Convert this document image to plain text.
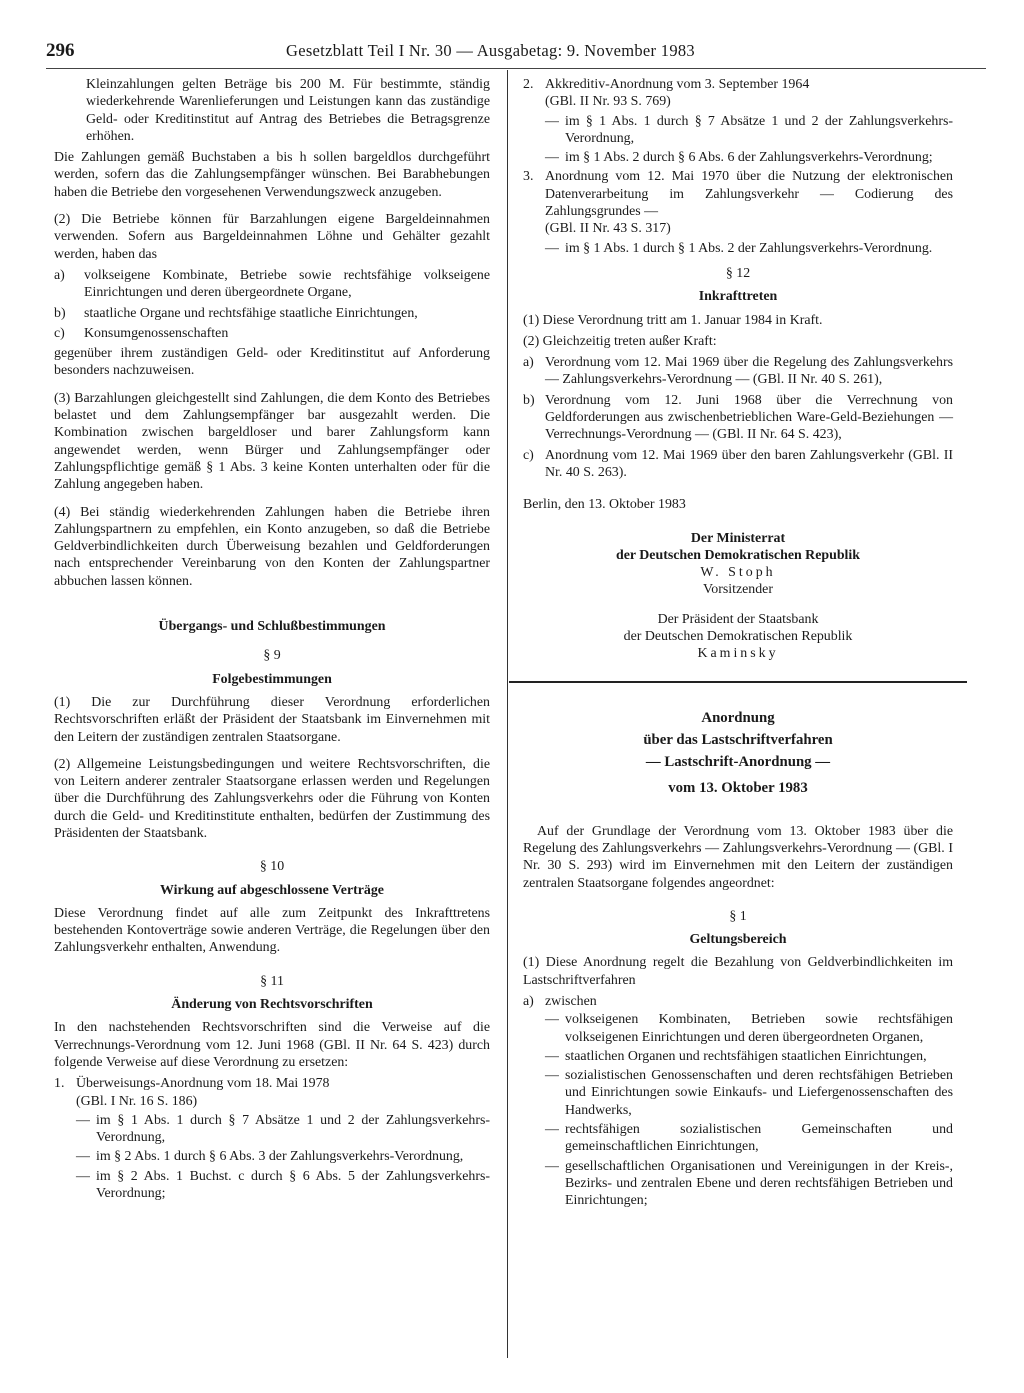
296	Gesetzblatt Teil I Nr. 30 — Ausgabetag: 9. November 1983

Kleinzahlungen gelten Beträge bis 200 M. Für bestimmte, ständig wiederkehrende Warenlieferungen und Leistungen kann das zuständige Geld- oder Kreditinstitut auf Antrag des Betriebes die Betragsgrenze erhöhen.

Die Zahlungen gemäß Buchstaben a bis h sollen bargeldlos durchgeführt werden, sofern das die Zahlungsempfänger wünschen. Bei Barabhebungen haben die Betriebe den vorgesehenen Verwendungszweck anzugeben.

(2) Die Betriebe können für Barzahlungen eigene Bargeldeinnahmen verwenden. Sofern aus Bargeldeinnahmen Löhne und Gehälter gezahlt werden, haben das

a)	volkseigene Kombinate, Betriebe sowie rechtsfähige volkseigene Einrichtungen und deren übergeordnete Organe,
b)	staatliche Organe und rechtsfähige staatliche Einrichtungen,
c)	Konsumgenossenschaften

gegenüber ihrem zuständigen Geld- oder Kreditinstitut auf Anforderung besonders nachzuweisen.

(3) Barzahlungen gleichgestellt sind Zahlungen, die dem Konto des Betriebes belastet und dem Zahlungsempfänger bar ausgezahlt werden. Die Kombination zwischen bargeldloser und barer Zahlungsform kann angewendet werden, wenn Bürger und Zahlungsempfänger oder Zahlungspflichtige gemäß § 1 Abs. 3 keine Konten unterhalten oder für die Zahlung angegeben haben.

(4) Bei ständig wiederkehrenden Zahlungen haben die Betriebe ihren Zahlungspartnern zu empfehlen, ein Konto anzugeben, so daß die Betriebe Geldverbindlichkeiten durch Überweisung bezahlen und Geldforderungen nach entsprechender Vereinbarung von den Konten der Zahlungspartner abbuchen lassen können.

Übergangs- und Schlußbestimmungen

§ 9

Folgebestimmungen

(1) Die zur Durchführung dieser Verordnung erforderlichen Rechtsvorschriften erläßt der Präsident der Staatsbank im Einvernehmen mit den Leitern der zuständigen zentralen Staatsorgane.

(2) Allgemeine Leistungsbedingungen und weitere Rechtsvorschriften, die von Leitern anderer zentraler Staatsorgane erlassen werden und Regelungen über die Durchführung des Zahlungsverkehrs oder die Führung von Konten durch die Geld- und Kreditinstitute enthalten, bedürfen der Zustimmung des Präsidenten der Staatsbank.

§ 10

Wirkung auf abgeschlossene Verträge

Diese Verordnung findet auf alle zum Zeitpunkt des Inkrafttretens bestehenden Kontoverträge sowie anderen Verträge, die Regelungen über den Zahlungsverkehr enthalten, Anwendung.

§ 11

Änderung von Rechtsvorschriften

In den nachstehenden Rechtsvorschriften sind die Verweise auf die Verrechnungs-Verordnung vom 12. Juni 1968 (GBl. II Nr. 64 S. 423) durch folgende Verweise auf diese Verordnung zu ersetzen:

1. Überweisungs-Anordnung vom 18. Mai 1978

(GBl. I Nr. 16 S. 186)

— im § 1 Abs. 1 durch § 7 Absätze 1 und 2 der Zahlungsverkehrs-Verordnung,
— im § 2 Abs. 1 durch § 6 Abs. 3 der Zahlungsverkehrs-Verordnung,
— im § 2 Abs. 1 Buchst. c durch § 6 Abs. 5 der Zahlungsverkehrs-Verordnung;
2. Akkreditiv-Anordnung vom 3. September 1964

(GBl. II Nr. 93 S. 769)

— im § 1 Abs. 1 durch § 7 Absätze 1 und 2 der Zahlungsverkehrs-Verordnung,
— im § 1 Abs. 2 durch § 6 Abs. 6 der Zahlungsverkehrs-Verordnung;
3. Anordnung vom 12. Mai 1970 über die Nutzung der elektronischen Datenverarbeitung im Zahlungsverkehr — Codierung des Zahlungsgrundes —

(GBl. II Nr. 43 S. 317)

— im § 1 Abs. 1 durch § 1 Abs. 2 der Zahlungsverkehrs-Verordnung.

§ 12

Inkrafttreten

(1) Diese Verordnung tritt am 1. Januar 1984 in Kraft.

(2) Gleichzeitig treten außer Kraft:

a) Verordnung vom 12. Mai 1969 über die Regelung des Zahlungsverkehrs — Zahlungsverkehrs-Verordnung — (GBl. II Nr. 40 S. 261),
b) Verordnung vom 12. Juni 1968 über die Verrechnung von Geldforderungen aus zwischenbetrieblichen Ware-Geld-Beziehungen — Verrechnungs-Verordnung — (GBl. II Nr. 64 S. 423),
c) Anordnung vom 12. Mai 1969 über den baren Zahlungsverkehr (GBl. II Nr. 40 S. 263).

Berlin, den 13. Oktober 1983

Der Ministerrat

der Deutschen Demokratischen Republik

W. Stoph

Vorsitzender

Der Präsident der Staatsbank

der Deutschen Demokratischen Republik

Kaminsky

Anordnung
über das Lastschriftverfahren
— Lastschrift-Anordnung —
vom 13. Oktober 1983

Auf der Grundlage der Verordnung vom 13. Oktober 1983 über die Regelung des Zahlungsverkehrs — Zahlungsverkehrs-Verordnung — (GBl. I Nr. 30 S. 293) wird im Einvernehmen mit den Leitern der zuständigen zentralen Staatsorgane folgendes angeordnet:

§ 1

Geltungsbereich

(1) Diese Anordnung regelt die Bezahlung von Geldverbindlichkeiten im Lastschriftverfahren

a) zwischen
— volkseigenen Kombinaten, Betrieben sowie rechtsfähigen volkseigenen Einrichtungen und deren übergeordneten Organen,
— staatlichen Organen und rechtsfähigen staatlichen Einrichtungen,
— sozialistischen Genossenschaften und deren rechtsfähigen Betrieben und Einrichtungen sowie Einkaufs- und Liefergenossenschaften des Handwerks,
— rechtsfähigen sozialistischen Gemeinschaften und gemeinschaftlichen Einrichtungen,
— gesellschaftlichen Organisationen und Vereinigungen in der Kreis-, Bezirks- und zentralen Ebene und deren rechtsfähigen Betrieben und Einrichtungen;
